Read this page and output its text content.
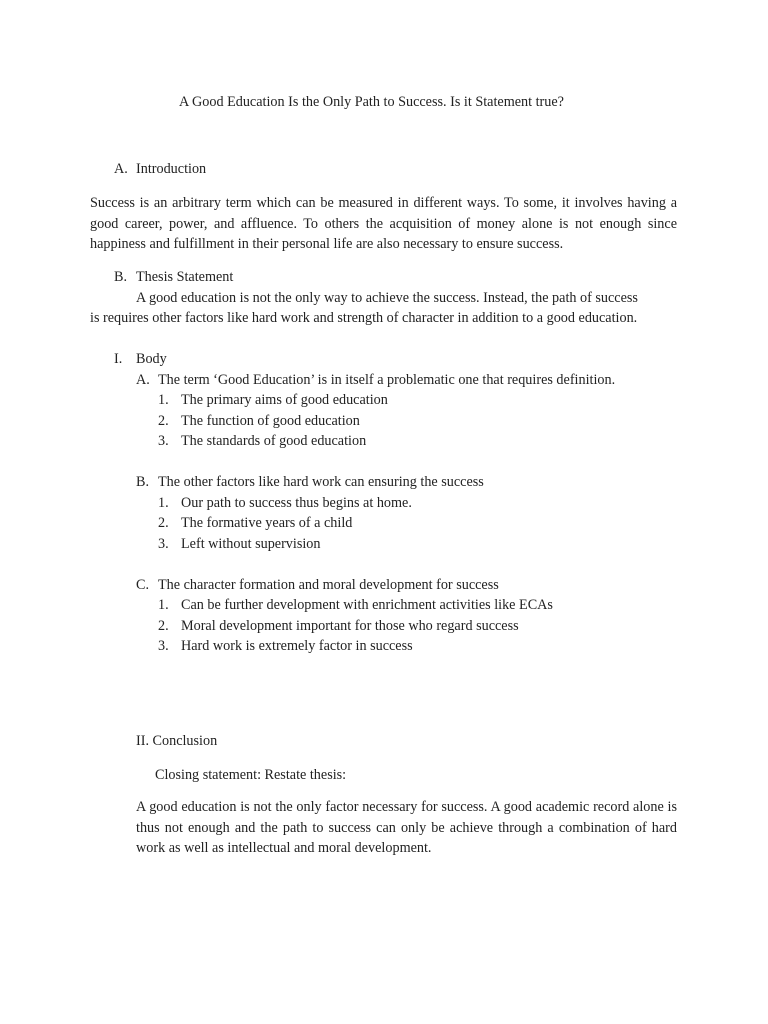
A Good Education Is the Only Path to Success. Is it Statement true?
A. Introduction
Success is an arbitrary term which can be measured in different ways. To some, it involves having a good career, power, and affluence. To others the acquisition of money alone is not enough since happiness and fulfillment in their personal life are also necessary to ensure success.
B. Thesis Statement
A good education is not the only way to achieve the success. Instead, the path of success
is requires other factors like hard work and strength of character in addition to a good education.
I. Body
A. The term ‘Good Education’ is in itself a problematic one that requires definition.
1. The primary aims of good education
2. The function of good education
3. The standards of good education
B. The other factors like hard work can ensuring the success
1. Our path to success thus begins at home.
2. The formative years of a child
3. Left without supervision
C. The character formation and moral development for success
1. Can be further development with enrichment activities like ECAs
2. Moral development important for those who regard success
3. Hard work is extremely factor in success
II. Conclusion
Closing statement: Restate thesis:
A good education is not the only factor necessary for success. A good academic record alone is thus not enough and the path to success can only be achieve through a combination of hard work as well as intellectual and moral development.
